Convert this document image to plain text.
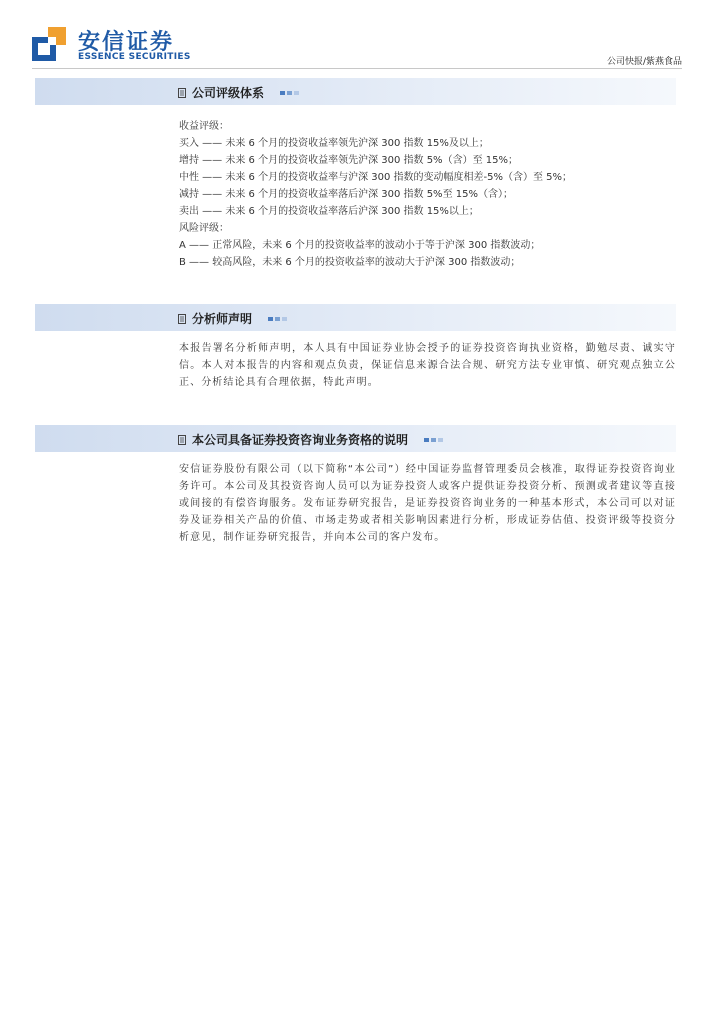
安信证券
ESSENCE SECURITIES	公司快报/紫燕食品
公司评级体系

收益评级：

买入 —— 未来 6 个月的投资收益率领先沪深 300 指数 15%及以上；

增持 —— 未来 6 个月的投资收益率领先沪深 300 指数 5%（含）至 15%；

中性 —— 未来 6 个月的投资收益率与沪深 300 指数的变动幅度相差-5%（含）至 5%；

减持 —— 未来 6 个月的投资收益率落后沪深 300 指数 5%至 15%（含）；

卖出 —— 未来 6 个月的投资收益率落后沪深 300 指数 15%以上；

风险评级：

A —— 正常风险，未来 6 个月的投资收益率的波动小于等于沪深 300 指数波动；

B —— 较高风险，未来 6 个月的投资收益率的波动大于沪深 300 指数波动；

分析师声明

本报告署名分析师声明，本人具有中国证券业协会授予的证券投资咨询执业资格，勤勉尽责、诚实守信。本人对本报告的内容和观点负责，保证信息来源合法合规、研究方法专业审慎、研究观点独立公正、分析结论具有合理依据，特此声明。

本公司具备证券投资咨询业务资格的说明

安信证券股份有限公司（以下简称“本公司”）经中国证券监督管理委员会核准，取得证券投资咨询业务许可。本公司及其投资咨询人员可以为证券投资人或客户提供证券投资分析、预测或者建议等直接或间接的有偿咨询服务。发布证券研究报告，是证券投资咨询业务的一种基本形式，本公司可以对证券及证券相关产品的价值、市场走势或者相关影响因素进行分析，形成证券估值、投资评级等投资分析意见，制作证券研究报告，并向本公司的客户发布。
